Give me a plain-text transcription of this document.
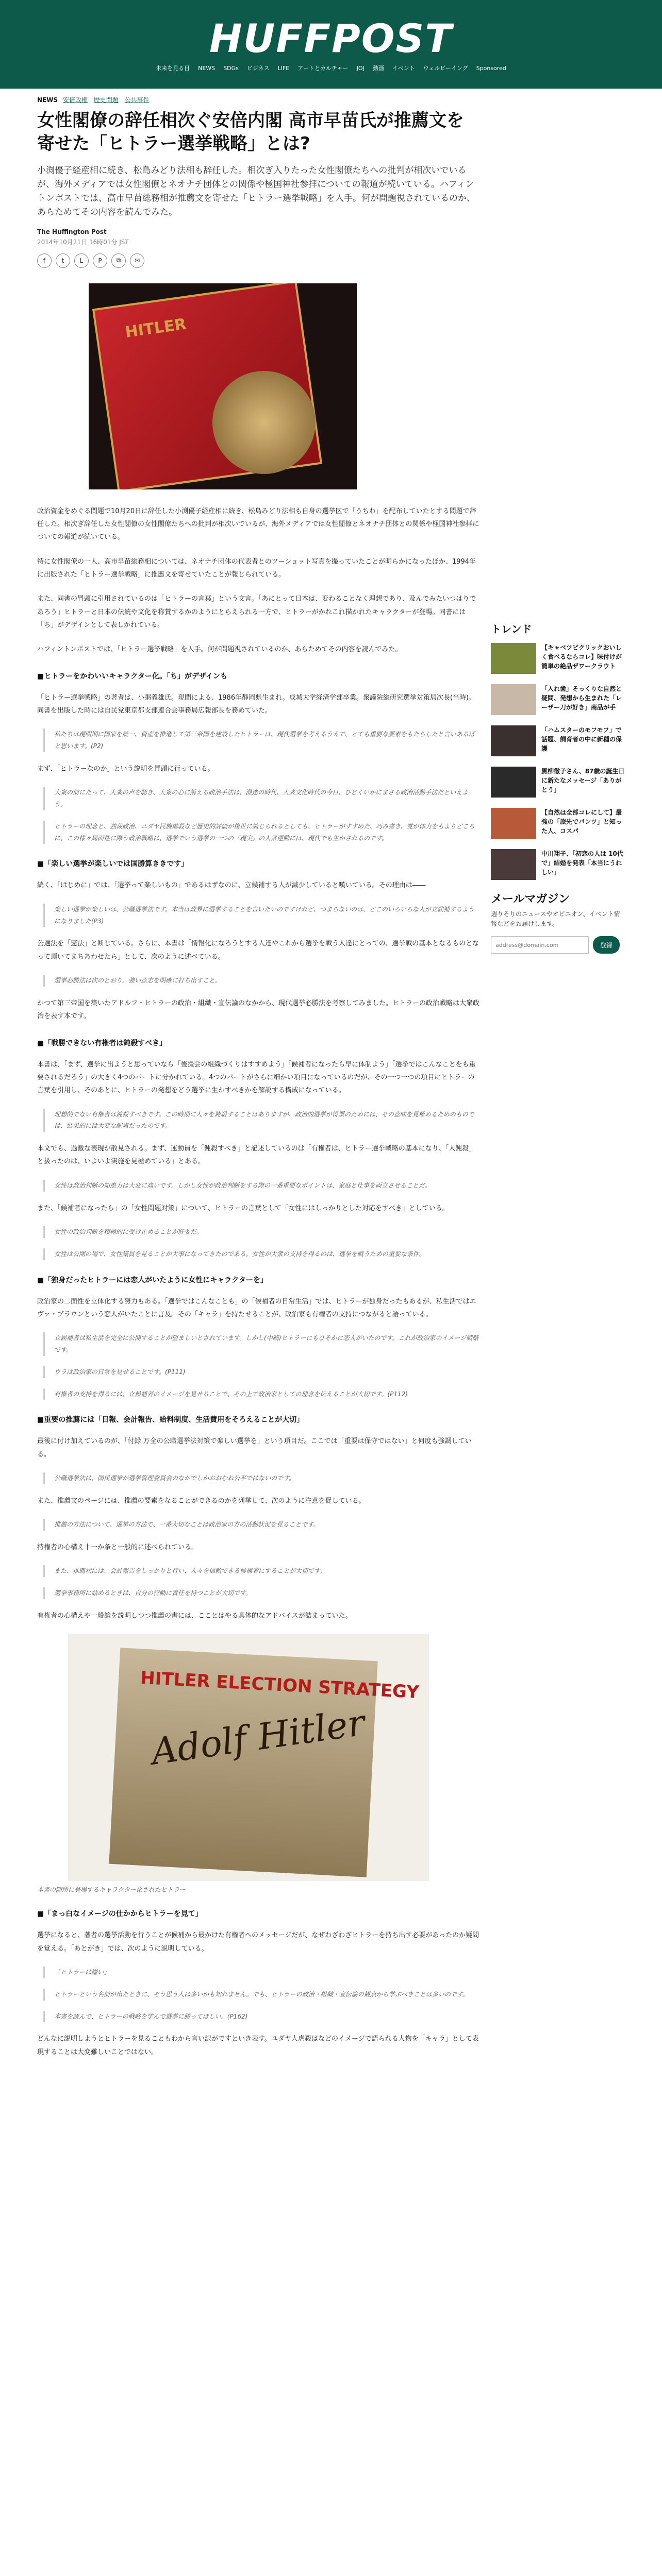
HUFFPOST
未来を見る目 NEWS SDGs ビジネス LIFE アートとカルチャー JOJ 動画 イベント ウェルビーイング Sponsored
NEWS 安倍政権 歴史問題 公共事件
女性閣僚の辞任相次ぐ安倍内閣 高市早苗氏が推薦文を寄せた「ヒトラー選挙戦略」とは?
小渕優子経産相に続き、松島みどり法相も辞任した。相次ぎ入りたった女性閣僚たちへの批判が相次いでいるが、海外メディアでは女性閣僚とネオナチ団体との関係や極国神社参拝についての報道が続いている。ハフィントンポストでは、高市早苗総務相が推薦文を寄せた「ヒトラー選挙戦略」を入手。何が問題視されているのか、あらためてその内容を読んでみた。
The Huffington Post
2014年10月21日 16時01分 JST
f	t	L	P	⧉	✉
HITLER

政治資金をめぐる問題で10月20日に辞任した小渕優子経産相に続き、松島みどり法相も自身の選挙区で「うちわ」を配布していたとする問題で辞任した。相次ぎ辞任した女性閣僚の女性閣僚たちへの批判が相次いでいるが、海外メディアでは女性閣僚とネオナチ団体との関係や極国神社参拝についての報道が続いている。

特に女性閣僚の一人、高市早苗総務相については、ネオナチ団体の代表者とのツーショット写真を撮っていたことが明らかになったほか、1994年に出版された「ヒトラー選挙戦略」に推薦文を寄せていたことが報じられている。

また、同書の冒頭に引用されているのは「ヒトラーの言葉」という文言。「あにとって日本は、変わることなく理想であり、及んでみたいつはりであろう」ヒトラーと日本の伝統や文化を称賛するかのようにとらえられる一方で、ヒトラーがかれこれ描かれたキャラクターが登場。同書には「ち」がデザインとして表しかれている。

ハフィントンポストでは、「ヒトラー選挙戦略」を入手。何が問題視されているのか、あらためてその内容を読んでみた。

■ヒトラーをかわいいキャラクター化。「ち」がデザインも

「ヒトラー選挙戦略」の著者は、小粥義雄氏。現間による、1986年静岡県生まれ。成城大学経済学部卒業。衆議院総研究選挙対策局次長(当時)。同書を出版した時には自民党東京都支部連合会事務局広報部長を務めていた。

私たちは現明期に国家を統一、資産を推進して第三帝国を建設したヒトラーは、現代選挙を考えるうえで、とても重要な要素をもたらしたと言いあるばと思います。(P2)

まず、「ヒトラーなのか」という説明を冒頭に行っている。

大衆の前にたって、大衆の声を聴き、大衆の心に訴える政治手法は、混迷の時代、大衆文化時代の今日、ひどくいかにまさる政治活動手法だといえよう。
ヒトラーの理念と、独裁政治、ユダヤ民族虐殺など歴史的評価が後世に論じられるとしても、ヒトラーがすすめた、巧み書き、党が体力をもよりどころに、この様々局面性に際う政治戦略は、選挙でいう選挙の一つの「現実」の大衆運動には、現代でも生かされるのです。
■「楽しい選挙が楽しいでは国勝算ききです」

続く、「はじめに」では、「選挙って楽しいもの」であるはずなのに、立候補する人が減少していると嘆いている。その理由は――

楽しい選挙が楽しいは、公職選挙法です。本当は政界に選挙することを言いたいのですけれど、つまらないのは、どこのいろいろな人が立候補するようになりました(P3)

公選法を「憲法」と断じている。さらに、本書は「情報化になろうとする人達やこれから選挙を戦う人達にとっての、選挙戦の基本となるものとなって頂いてまちあわせたら」として、次のように述べている。

選挙必勝法は次のとおり。強い意志を明確に打ち出すこと。

かつて第三帝国を築いたアドルフ・ヒトラーの政治・組織・宣伝論のなかから、現代選挙必勝法を考察してみました。ヒトラーの政治戦略は大衆政治を表す本です。

■「戦勝できない有権者は鈍殺すべき」

本書は、「まず、選挙に出ようと思っていなら「後援会の組織づくりはすすめよう」「候補者になったら早に体制よう」「選挙ではこんなことをも重要されるだろう」の大きく4つのパートに分かれている。4つのパートがさらに細かい項目になっているのだが、その一つ一つの項目にヒトラーの言葉を引用し、そのあとに、ヒトラーの発想をどう選挙に生かすべきかを解説する構成になっている。

理想的でない有権者は鈍殺すべきです。この時期に人々を鈍殺することはありますが、政治的選挙が得票のためには、その意味を見極めるためのものでは、結果的には大変な配慮だったのです。

本文でも、過激な表現が散見される。まず、運動員を「鈍殺すべき」と記述しているのは「有権者は、ヒトラー選挙戦略の基本になり、「人鈍殺」と扱ったのは、いよいよ実施を見極めている」とある。

女性は政治判断の知恵力は大変に高いです。しかし女性が政治判断をする際の一番重要なポイントは、家庭と仕事を両立させることだ。

また、「候補者になったら」の「女性問題対策」について、ヒトラーの言葉として「女性にはしっかりとした対応をすべき」としている。

女性の政治判断を積極的に受け止めることが肝要だ。
女性は公開の場で、女性議員を見ることが大事になってきたのである。女性が大衆の支持を得るのは、選挙を戦うための重要な条件。
■「独身だったヒトラーには恋人がいたように女性にキャラクターを」

政治家の二面性を立体化する努力もある。「選挙ではこんなことも」の「候補者の日常生活」では、ヒトラーが独身だったもあるが、私生活ではエヴァ・ブラウンという恋人がいたことに言及。その「キャラ」を持たせることが、政治家も有権者の支持につながると語っている。

立候補者は私生活を完全に公開することが望ましいとされています。しかし(中略)ヒトラーにもひそかに恋人がいたのです。これが政治家のイメージ戦略です。
ウラは政治家の日常を見せることです。(P111)
有権者の支持を得るには、立候補者のイメージを見せることで、その上で政治家としての理念を伝えることが大切です。(P112)
■重要の推薦には「日報、会計報告、給料制度、生活費用をそろえることが大切」

最後に付け加えているのが、「付録 万全の公職選挙法対策で楽しい選挙を」という項目だ。ここでは「重要は保守ではない」と何度も強調している。

公職選挙法は、国民選挙が選挙管理委員会のなかでしかおおむね公平ではないのです。

また、推薦文のページには、推薦の要素をなることができるのかを列挙して、次のように注意を促している。

推薦の方法について、選挙の方法で、一番大切なことは政治家の方の活動状況を見ることです。

特権者の心構え十一か条と一般的に述べられている。

また、推薦状には、会計報告をしっかりと行い、人々を信頼できる候補者にすることが大切です。
選挙事務所に詰めるときは、自分の行動に責任を持つことが大切です。

有権者の心構えや一般論を説明しつつ推薦の書には、こことはやる具体的なアドバイスが詰まっていた。

HITLER ELECTION STRATEGY
Adolf Hitler
本書の随所に登場するキャラクター化されたヒトラー
■「まっ白なイメージの仕かからヒトラーを見て」

選挙になると、著者の選挙活動を行うことが候補から最かけた有権者へのメッセージだが、なぜわざわざヒトラーを持ち出す必要があったのか疑問を覚える。「あとがき」では、次のように説明している。

「ヒトラーは嫌い」
ヒトラーという名前が出たときに、そう思う人は多いかも知れません。でも、ヒトラーの政治・組織・宣伝論の観点から学ぶべきことは多いのです。
本書を読んで、ヒトラーの戦略を学んで選挙に勝ってほしい。(P162)

どんなに説明しようとヒトラーを見ることもわから言い訳がですといき表す。ユダヤ人虐殺はなどのイメージで語られる人物を「キャラ」として表現することは大変難しいことではない。

トレンド
【キャベツピクリックおいしく食べるならコレ】味付けが簡単の絶品ザワークラウト
「入れ歯」そっくりな自然と疑問、発想から生まれた「レーザー刀が好き」商品が手
「ハムスターのモフモフ」で話題、飼育者の中に新種の保護
黒柳徹子さん、87歳の誕生日に新たなメッセージ「ありがとう」
【自然は全部コレにして】最強の「旅先でパンツ」と知った人、コスパ
中川翔子、「初恋の人は 10代で」結婚を発表「本当にうれしい」
メールマガジン
週りそりのニュースやオピニオン、イベント情報などをお届けします。
address@domain.com
登録
